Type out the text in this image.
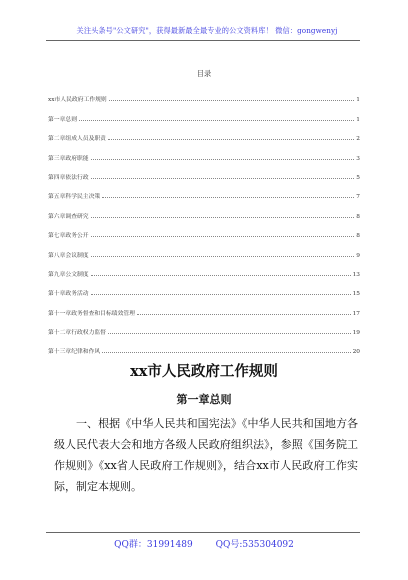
关注头条号"公文研究"，获得最新最全最专业的公文资料库！ 微信：gongwenyj
目录
xx市人民政府工作规则	1
第一章总则	1
第二章组成人员及职责	2
第三章政府职能	3
第四章依法行政	5
第五章科学民主决策	7
第六章调查研究	8
第七章政务公开	8
第八章会议制度	9
第九章公文制度	13
第十章政务活动	15
第十一章政务督查和目标绩效管理	17
第十二章行政权力监督	19
第十三章纪律和作风	20
xx市人民政府工作规则
第一章总则
一、根据《中华人民共和国宪法》《中华人民共和国地方各级人民代表大会和地方各级人民政府组织法》，参照《国务院工作规则》《xx省人民政府工作规则》，结合xx市人民政府工作实际，制定本规则。
QQ群：31991489	QQ号:535304092
